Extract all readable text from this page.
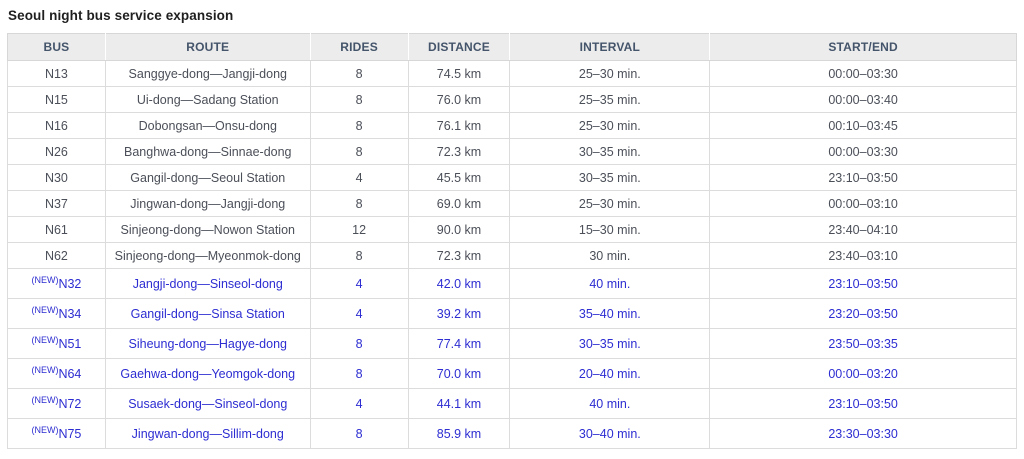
Seoul night bus service expansion
BUS	ROUTE	RIDES	DISTANCE	INTERVAL	START/END
N13	Sanggye-dong—Jangji-dong	8	74.5 km	25–30 min.	00:00–03:30
N15	Ui-dong—Sadang Station	8	76.0 km	25–35 min.	00:00–03:40
N16	Dobongsan—Onsu-dong	8	76.1 km	25–30 min.	00:10–03:45
N26	Banghwa-dong—Sinnae-dong	8	72.3 km	30–35 min.	00:00–03:30
N30	Gangil-dong—Seoul Station	4	45.5 km	30–35 min.	23:10–03:50
N37	Jingwan-dong—Jangji-dong	8	69.0 km	25–30 min.	00:00–03:10
N61	Sinjeong-dong—Nowon Station	12	90.0 km	15–30 min.	23:40–04:10
N62	Sinjeong-dong—Myeonmok-dong	8	72.3 km	30 min.	23:40–03:10
$^{(NEW)}$N32	Jangji-dong—Sinseol-dong	4	42.0 km	40 min.	23:10–03:50
$^{(NEW)}$N34	Gangil-dong—Sinsa Station	4	39.2 km	35–40 min.	23:20–03:50
$^{(NEW)}$N51	Siheung-dong—Hagye-dong	8	77.4 km	30–35 min.	23:50–03:35
$^{(NEW)}$N64	Gaehwa-dong—Yeomgok-dong	8	70.0 km	20–40 min.	00:00–03:20
$^{(NEW)}$N72	Susaek-dong—Sinseol-dong	4	44.1 km	40 min.	23:10–03:50
$^{(NEW)}$N75	Jingwan-dong—Sillim-dong	8	85.9 km	30–40 min.	23:30–03:30
